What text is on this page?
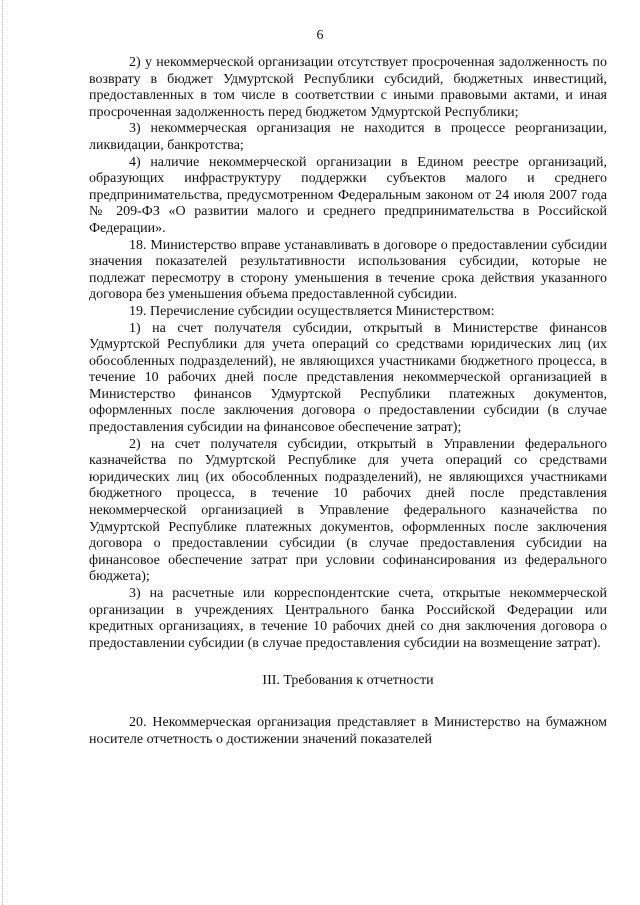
6

2) у некоммерческой организации отсутствует просроченная задолженность по возврату в бюджет Удмуртской Республики субсидий, бюджетных инвестиций, предоставленных в том числе в соответствии с иными правовыми актами, и иная просроченная задолженность перед бюджетом Удмуртской Республики;

3) некоммерческая организация не находится в процессе реорганизации, ликвидации, банкротства;

4) наличие некоммерческой организации в Едином реестре организаций, образующих инфраструктуру поддержки субъектов малого и среднего предпринимательства, предусмотренном Федеральным законом от 24 июля 2007 года № 209-ФЗ «О развитии малого и среднего предпринимательства в Российской Федерации».

18. Министерство вправе устанавливать в договоре о предоставлении субсидии значения показателей результативности использования субсидии, которые не подлежат пересмотру в сторону уменьшения в течение срока действия указанного договора без уменьшения объема предоставленной субсидии.

19. Перечисление субсидии осуществляется Министерством:

1) на счет получателя субсидии, открытый в Министерстве финансов Удмуртской Республики для учета операций со средствами юридических лиц (их обособленных подразделений), не являющихся участниками бюджетного процесса, в течение 10 рабочих дней после представления некоммерческой организацией в Министерство финансов Удмуртской Республики платежных документов, оформленных после заключения договора о предоставлении субсидии (в случае предоставления субсидии на финансовое обеспечение затрат);

2) на счет получателя субсидии, открытый в Управлении федерального казначейства по Удмуртской Республике для учета операций со средствами юридических лиц (их обособленных подразделений), не являющихся участниками бюджетного процесса, в течение 10 рабочих дней после представления некоммерческой организацией в Управление федерального казначейства по Удмуртской Республике платежных документов, оформленных после заключения договора о предоставлении субсидии (в случае предоставления субсидии на финансовое обеспечение затрат при условии софинансирования из федерального бюджета);

3) на расчетные или корреспондентские счета, открытые некоммерческой организации в учреждениях Центрального банка Российской Федерации или кредитных организациях, в течение 10 рабочих дней со дня заключения договора о предоставлении субсидии (в случае предоставления субсидии на возмещение затрат).

III. Требования к отчетности

20. Некоммерческая организация представляет в Министерство на бумажном носителе отчетность о достижении значений показателей
